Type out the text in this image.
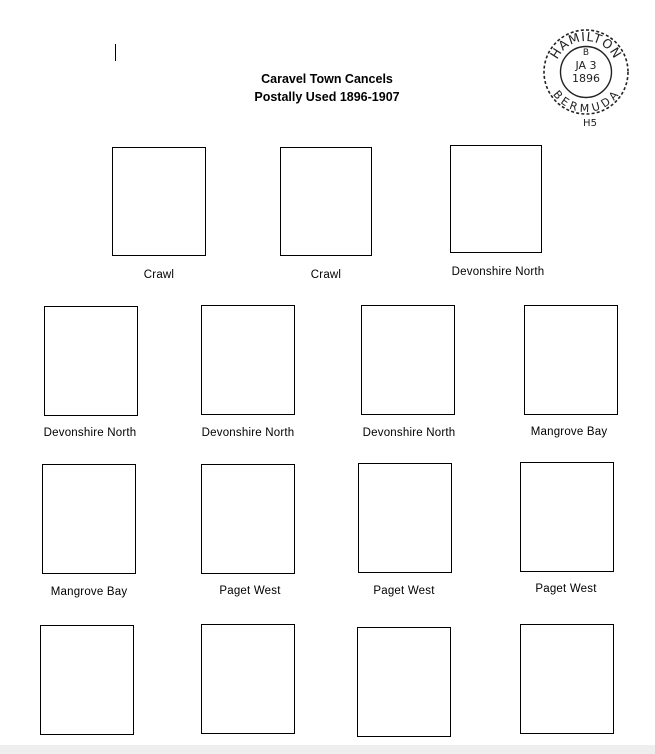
Caravel Town Cancels
Postally Used 1896-1907
HAMILTON
BERMUDA
B
JA 3
1896
H5
Crawl	Crawl	Devonshire North
Devonshire North	Devonshire North	Devonshire North	Mangrove Bay
Mangrove Bay	Paget West	Paget West	Paget West
